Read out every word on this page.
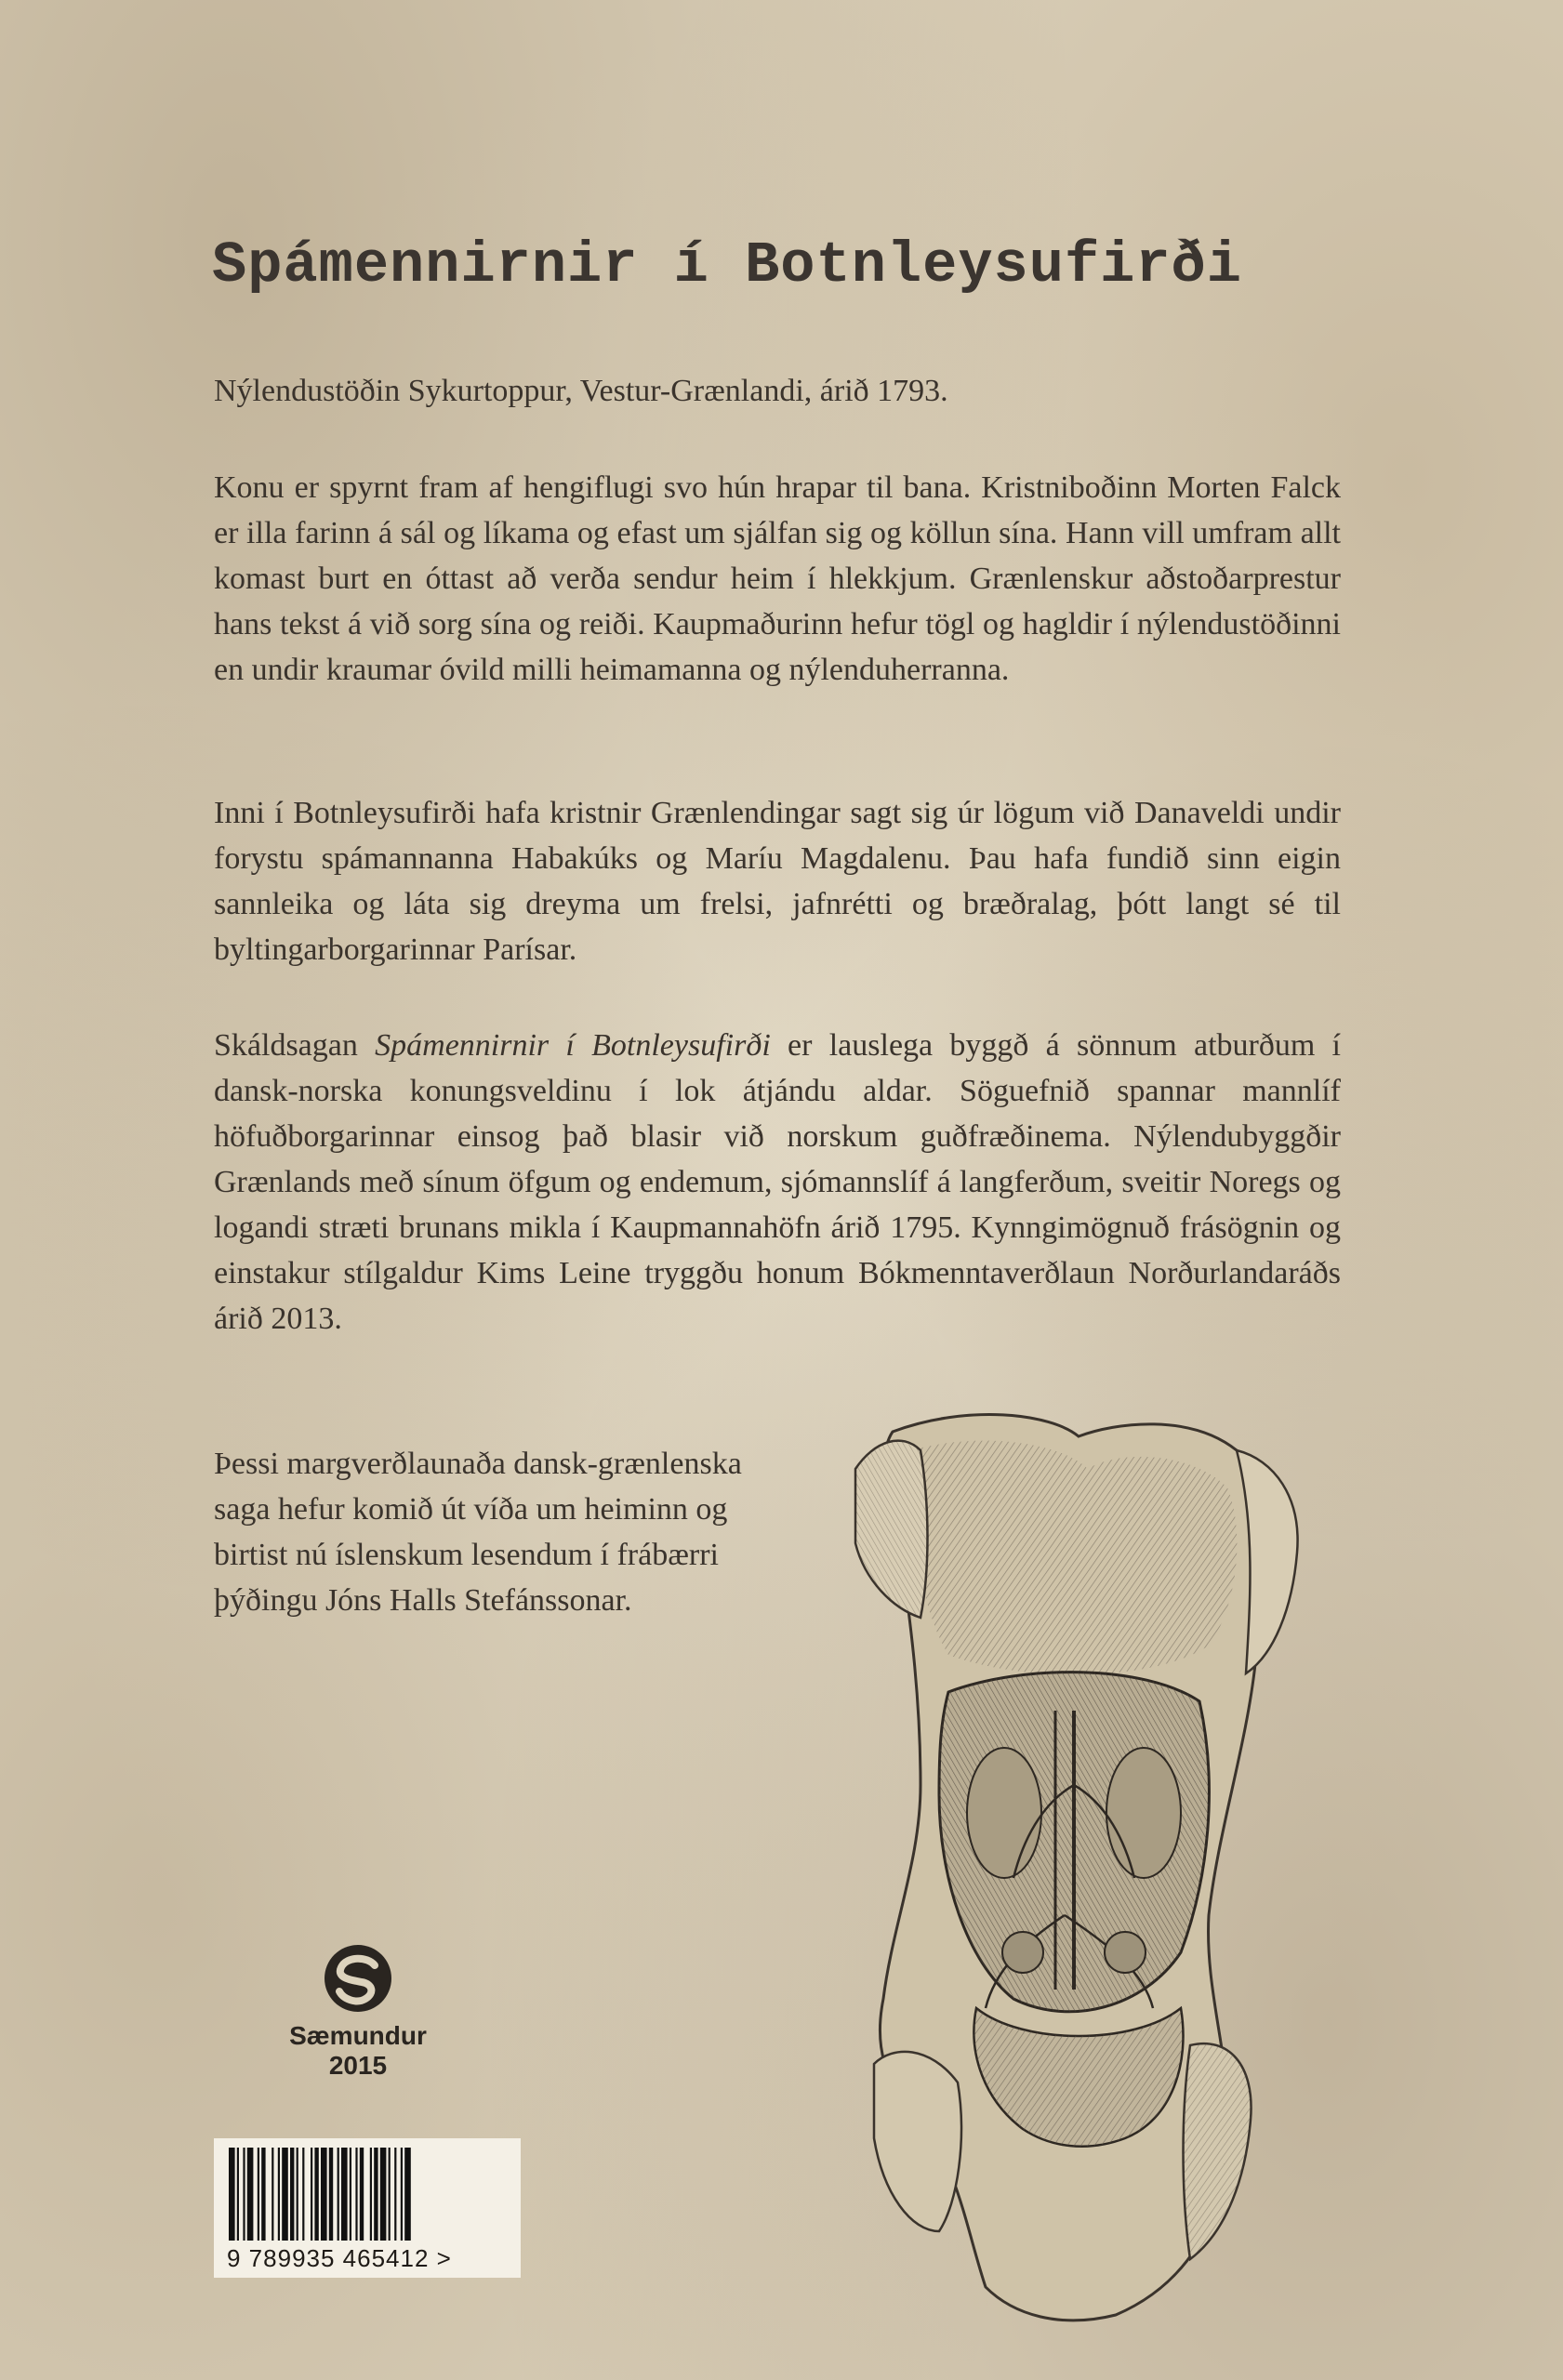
Spámennirnir í Botnleysufirði

Nýlendustöðin Sykurtoppur, Vestur-Grænlandi, árið 1793.

Konu er spyrnt fram af hengiflugi svo hún hrapar til bana. Kristniboðinn Morten Falck er illa farinn á sál og líkama og efast um sjálfan sig og köllun sína. Hann vill umfram allt komast burt en óttast að verða sendur heim í hlekkjum. Grænlenskur aðstoðarprestur hans tekst á við sorg sína og reiði. Kaupmaðurinn hefur tögl og hagldir í nýlendustöðinni en undir kraumar óvild milli heimamanna og nýlenduherranna.

Inni í Botnleysufirði hafa kristnir Grænlendingar sagt sig úr lögum við Danaveldi undir forystu spámannanna Habakúks og Maríu Magdalenu. Þau hafa fundið sinn eigin sannleika og láta sig dreyma um frelsi, jafnrétti og bræðralag, þótt langt sé til byltingarborgarinnar Parísar.

Skáldsagan Spámennirnir í Botnleysufirði er lauslega byggð á sönnum atburðum í dansk-norska konungsveldinu í lok átjándu aldar. Söguefnið spannar mannlíf höfuðborgarinnar einsog það blasir við norskum guðfræðinema. Nýlendubyggðir Grænlands með sínum öfgum og endemum, sjómannslíf á langferðum, sveitir Noregs og logandi stræti brunans mikla í Kaupmannahöfn árið 1795. Kynngimögnuð frásögnin og einstakur stílgaldur Kims Leine tryggðu honum Bókmenntaverðlaun Norðurlandaráðs árið 2013.

Þessi margverðlaunaða dansk-grænlenska saga hefur komið út víða um heiminn og birtist nú íslenskum lesendum í frábærri þýðingu Jóns Halls Stefánssonar.

Sæmundur
2015
9 789935 465412 >
